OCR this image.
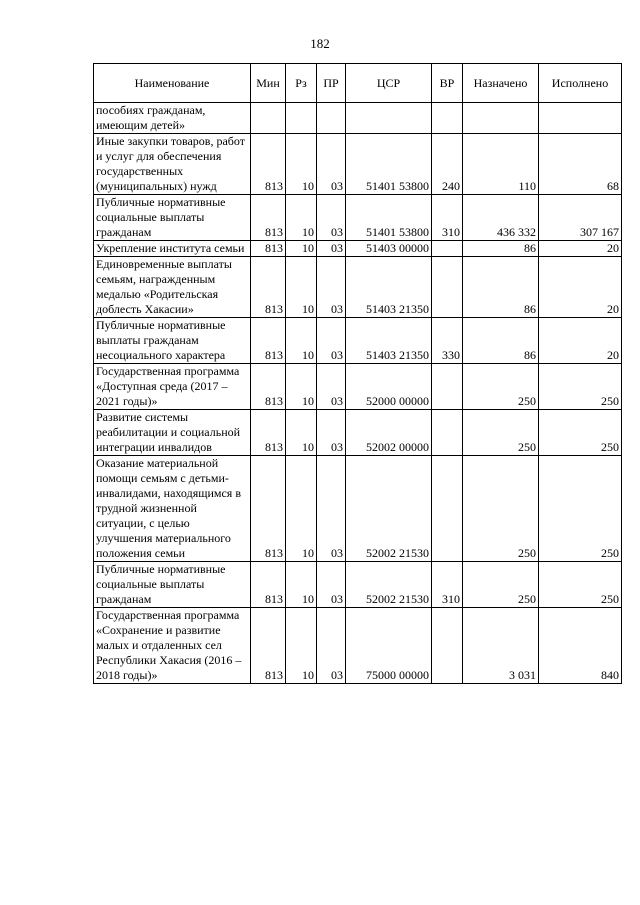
182
Наименование	Мин	Рз	ПР	ЦСР	ВР	Назначено	Исполнено
пособиях гражданам, имеющим детей»							
Иные закупки товаров, работ и услуг для обеспечения государственных (муниципальных) нужд	813	10	03	51401 53800	240	110	68
Публичные нормативные социальные выплаты гражданам	813	10	03	51401 53800	310	436 332	307 167
Укрепление института семьи	813	10	03	51403 00000		86	20
Единовременные выплаты семьям, награжденным медалью «Родительская доблесть Хакасии»	813	10	03	51403 21350		86	20
Публичные нормативные выплаты гражданам несоциального характера	813	10	03	51403 21350	330	86	20
Государственная программа «Доступная среда (2017 – 2021 годы)»	813	10	03	52000 00000		250	250
Развитие системы реабилитации и социальной интеграции инвалидов	813	10	03	52002 00000		250	250
Оказание материальной помощи семьям с детьми-инвалидами, находящимся в трудной жизненной ситуации, с целью улучшения материального положения семьи	813	10	03	52002 21530		250	250
Публичные нормативные социальные выплаты гражданам	813	10	03	52002 21530	310	250	250
Государственная программа «Сохранение и развитие малых и отдаленных сел Республики Хакасия (2016 – 2018 годы)»	813	10	03	75000 00000		3 031	840
